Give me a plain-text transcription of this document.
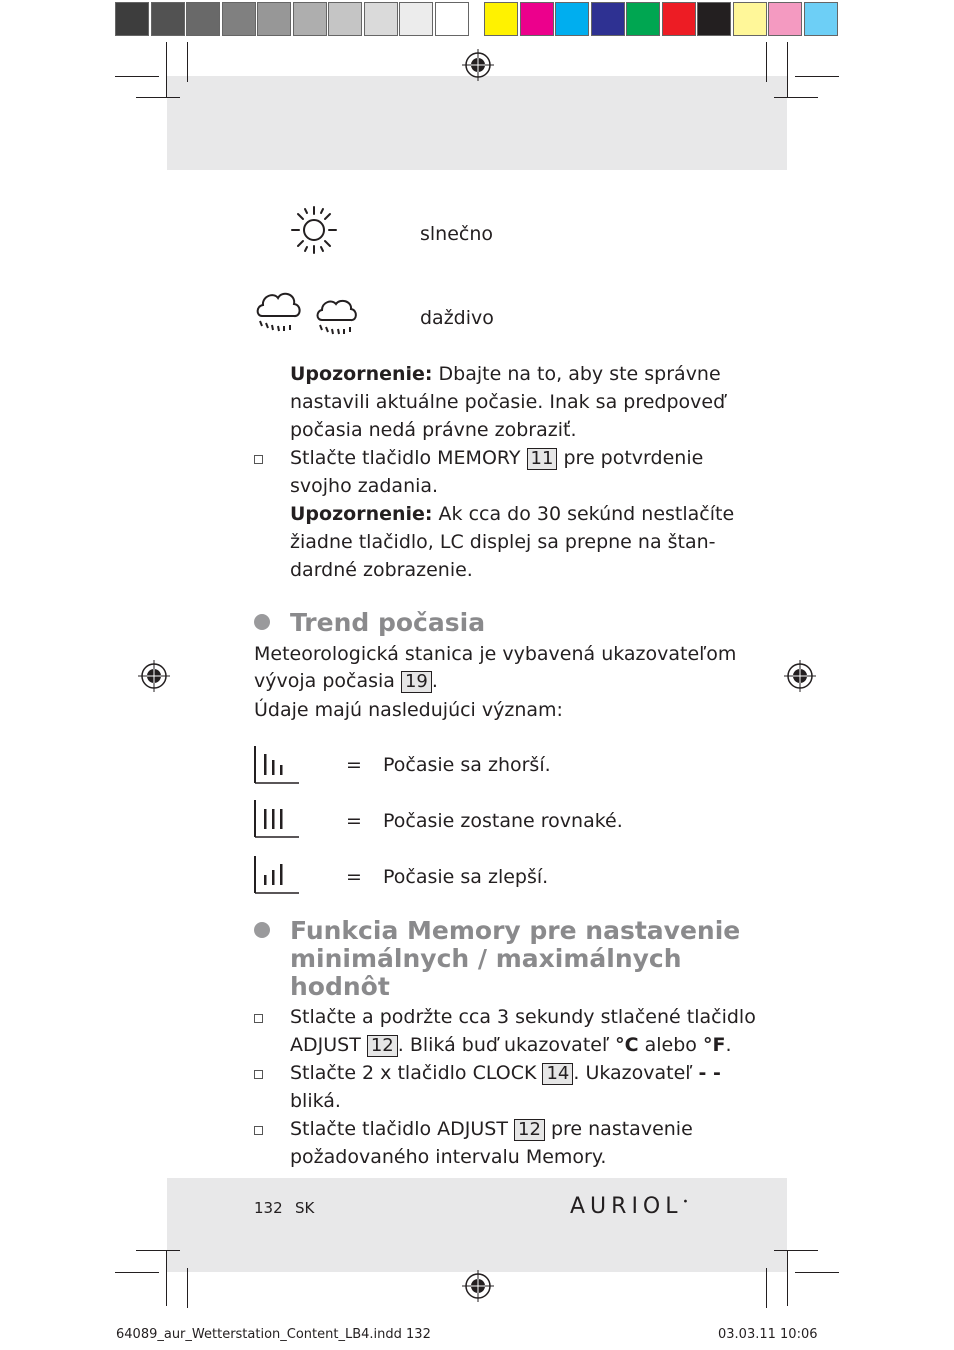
slnečno
daždivo
Upozornenie: Dbajte na to, aby ste správne
nastavili aktuálne počasie. Inak sa predpoveď
počasia nedá právne zobraziť.
Stlačte tlačidlo MEMORY 11 pre potvrdenie
svojho zadania.
Upozornenie: Ak cca do 30 sekúnd nestlačíte
žiadne tlačidlo, LC displej sa prepne na štan-
dardné zobrazenie.
Trend počasia
Meteorologická stanica je vybavená ukazovateľom
vývoja počasia 19 .
Údaje majú nasledujúci význam:
= Počasie sa zhorší.
= Počasie zostane rovnaké.
= Počasie sa zlepší.
Funkcia Memory pre nastavenie
minimálnych / maximálnych
hodnôt
Stlačte a podržte cca 3 sekundy stlačené tlačidlo
ADJUST 12 . Bliká buď ukazovateľ °C alebo °F.
Stlačte 2 x tlačidlo CLOCK 14 . Ukazovateľ - -
bliká.
Stlačte tlačidlo ADJUST 12 pre nastavenie
požadovaného intervalu Memory.
132 SK	AURIOL•
64089_aur_Wetterstation_Content_LB4.indd 132	03.03.11 10:06
